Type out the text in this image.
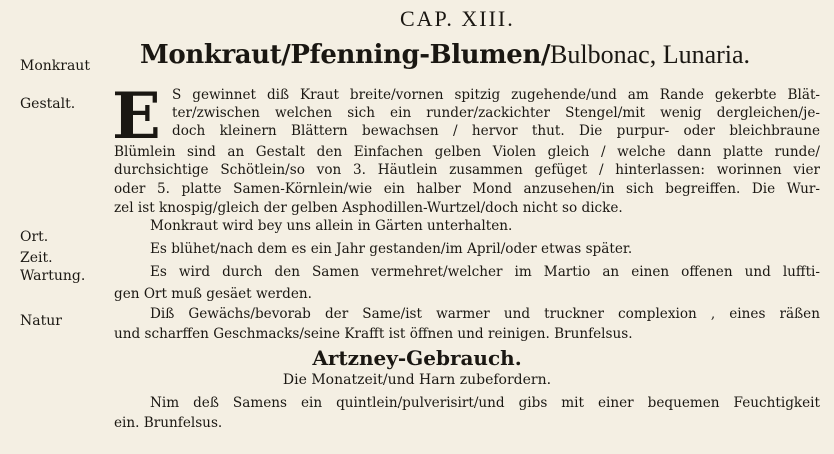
CAP. XIII.
Monkraut Monkraut/Pfenning-Blumen/Bulbonac, Lunaria.
Gestalt. E S gewinnet diß Kraut breite/vornen spitzig zugehende/und am Rande gekerbte Blät-
ter/zwischen welchen sich ein runder/zackichter Stengel/mit wenig dergleichen/je-
doch kleinern Blättern bewachsen / hervor thut. Die purpur- oder bleichbraune
Blümlein sind an Gestalt den Einfachen gelben Violen gleich / welche dann platte runde/
durchsichtige Schötlein/so von 3. Häutlein zusammen gefüget / hinterlassen: worinnen vier
oder 5. platte Samen-Körnlein/wie ein halber Mond anzusehen/in sich begreiffen. Die Wur-
zel ist knospig/gleich der gelben Asphodillen-Wurtzel/doch nicht so dicke.
Ort.
Monkraut wird bey uns allein in Gärten unterhalten.
Zeit.
Es blühet/nach dem es ein Jahr gestanden/im April/oder etwas später.
Wartung.	Es wird durch den Samen vermehret/welcher im Martio an einen offenen und luffti-
gen Ort muß gesäet werden.
Natur	Diß Gewächs/bevorab der Same/ist warmer und truckner complexion , eines räßen
und scharffen Geschmacks/seine Krafft ist öffnen und reinigen. Brunfelsus.
Artzney-Gebrauch.
Die Monatzeit/und Harn zubefordern.
Nim deß Samens ein quintlein/pulverisirt/und gibs mit einer bequemen Feuchtigkeit
ein. Brunfelsus.
